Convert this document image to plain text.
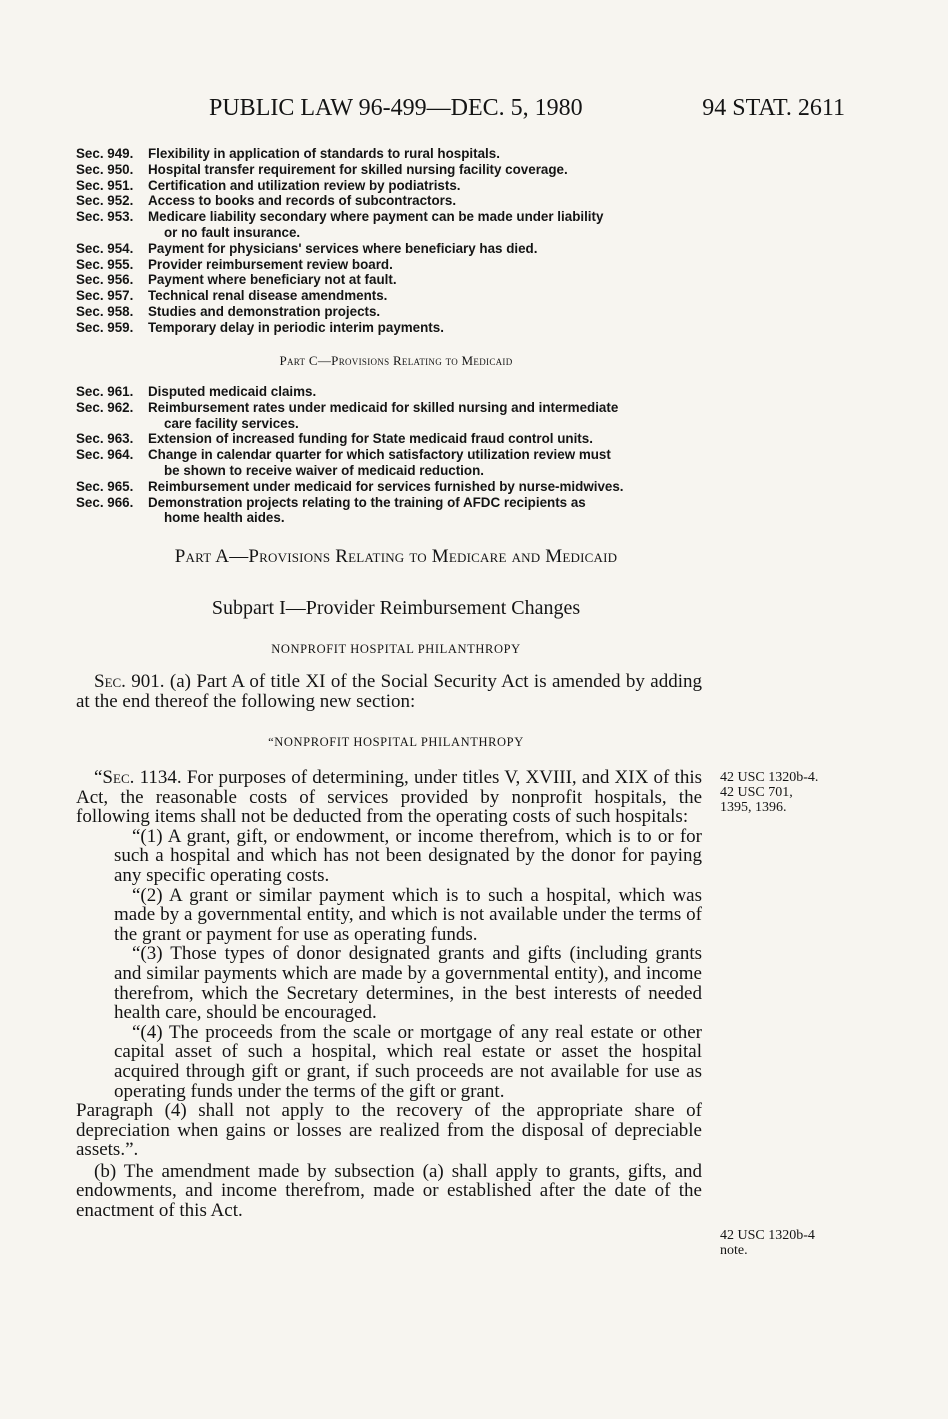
PUBLIC LAW 96-499—DEC. 5, 1980	94 STAT. 2611
Sec. 949.	Flexibility in application of standards to rural hospitals.
Sec. 950.	Hospital transfer requirement for skilled nursing facility coverage.
Sec. 951.	Certification and utilization review by podiatrists.
Sec. 952.	Access to books and records of subcontractors.
Sec. 953.	Medicare liability secondary where payment can be made under liability
or no fault insurance.
Sec. 954.	Payment for physicians' services where beneficiary has died.
Sec. 955.	Provider reimbursement review board.
Sec. 956.	Payment where beneficiary not at fault.
Sec. 957.	Technical renal disease amendments.
Sec. 958.	Studies and demonstration projects.
Sec. 959.	Temporary delay in periodic interim payments.
Part C—Provisions Relating to Medicaid
Sec. 961.	Disputed medicaid claims.
Sec. 962.	Reimbursement rates under medicaid for skilled nursing and intermediate
care facility services.
Sec. 963.	Extension of increased funding for State medicaid fraud control units.
Sec. 964.	Change in calendar quarter for which satisfactory utilization review must
be shown to receive waiver of medicaid reduction.
Sec. 965.	Reimbursement under medicaid for services furnished by nurse-midwives.
Sec. 966.	Demonstration projects relating to the training of AFDC recipients as
home health aides.
Part A—Provisions Relating to Medicare and Medicaid
Subpart I—Provider Reimbursement Changes
NONPROFIT HOSPITAL PHILANTHROPY
Sec. 901. (a) Part A of title XI of the Social Security Act is amended by adding at the end thereof the following new section:
“NONPROFIT HOSPITAL PHILANTHROPY

“Sec. 1134. For purposes of determining, under titles V, XVIII, and XIX of this Act, the reasonable costs of services provided by nonprofit hospitals, the following items shall not be deducted from the operating costs of such hospitals:

“(1) A grant, gift, or endowment, or income therefrom, which is to or for such a hospital and which has not been designated by the donor for paying any specific operating costs.

“(2) A grant or similar payment which is to such a hospital, which was made by a governmental entity, and which is not available under the terms of the grant or payment for use as operating funds.

“(3) Those types of donor designated grants and gifts (including grants and similar payments which are made by a governmental entity), and income therefrom, which the Secretary determines, in the best interests of needed health care, should be encouraged.

“(4) The proceeds from the scale or mortgage of any real estate or other capital asset of such a hospital, which real estate or asset the hospital acquired through gift or grant, if such proceeds are not available for use as operating funds under the terms of the gift or grant.

Paragraph (4) shall not apply to the recovery of the appropriate share of depreciation when gains or losses are realized from the disposal of depreciable assets.”.

(b) The amendment made by subsection (a) shall apply to grants, gifts, and endowments, and income therefrom, made or established after the date of the enactment of this Act.

42 USC 1320b-4.
42 USC 701,
1395, 1396.
42 USC 1320b-4
note.
